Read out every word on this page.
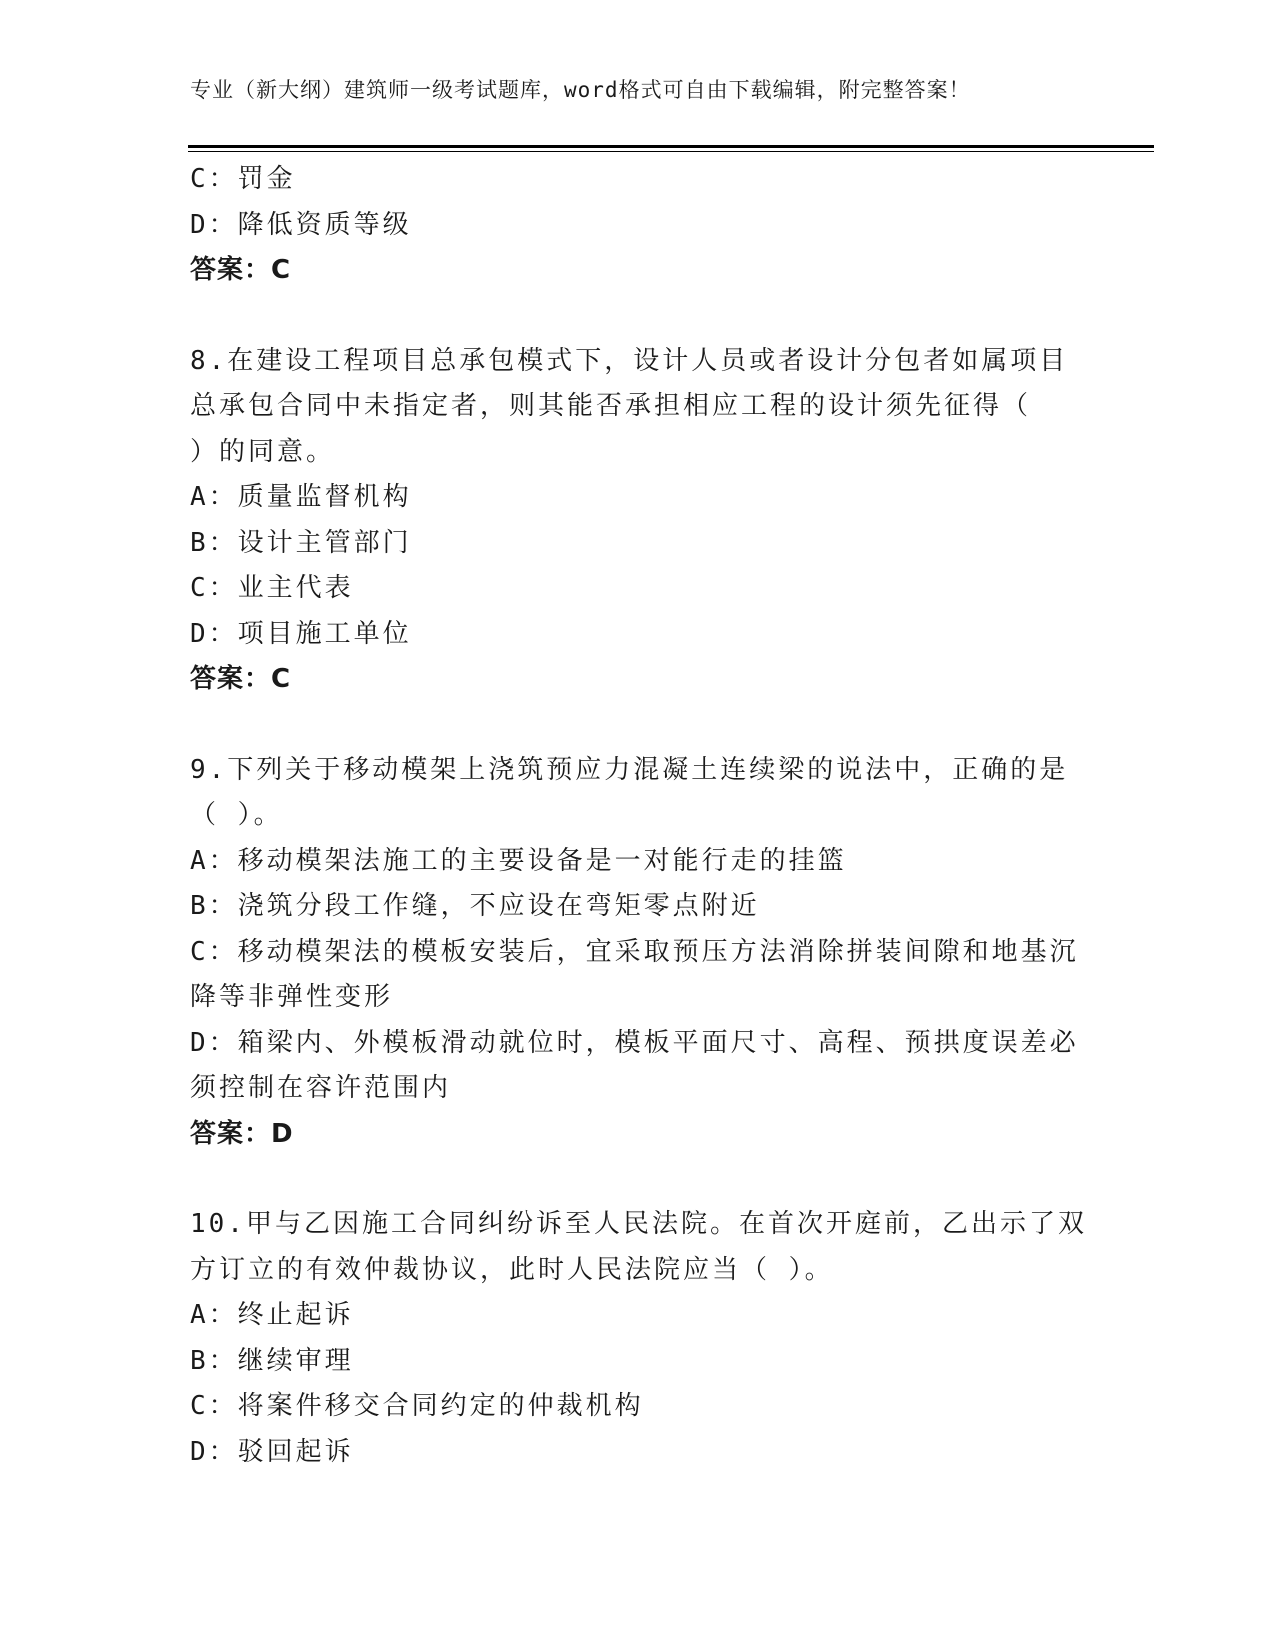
专业（新大纲）建筑师一级考试题库，word格式可自由下载编辑，附完整答案！
C：罚金
D：降低资质等级
答案：C
8.在建设工程项目总承包模式下，设计人员或者设计分包者如属项目
总承包合同中未指定者，则其能否承担相应工程的设计须先征得（
）的同意。
A：质量监督机构
B：设计主管部门
C：业主代表
D：项目施工单位
答案：C
9.下列关于移动模架上浇筑预应力混凝土连续梁的说法中，正确的是
（ ）。
A：移动模架法施工的主要设备是一对能行走的挂篮
B：浇筑分段工作缝，不应设在弯矩零点附近
C：移动模架法的模板安装后，宜采取预压方法消除拼装间隙和地基沉
降等非弹性变形
D：箱梁内、外模板滑动就位时，模板平面尺寸、高程、预拱度误差必
须控制在容许范围内
答案：D
10.甲与乙因施工合同纠纷诉至人民法院。在首次开庭前，乙出示了双
方订立的有效仲裁协议，此时人民法院应当（ ）。
A：终止起诉
B：继续审理
C：将案件移交合同约定的仲裁机构
D：驳回起诉
